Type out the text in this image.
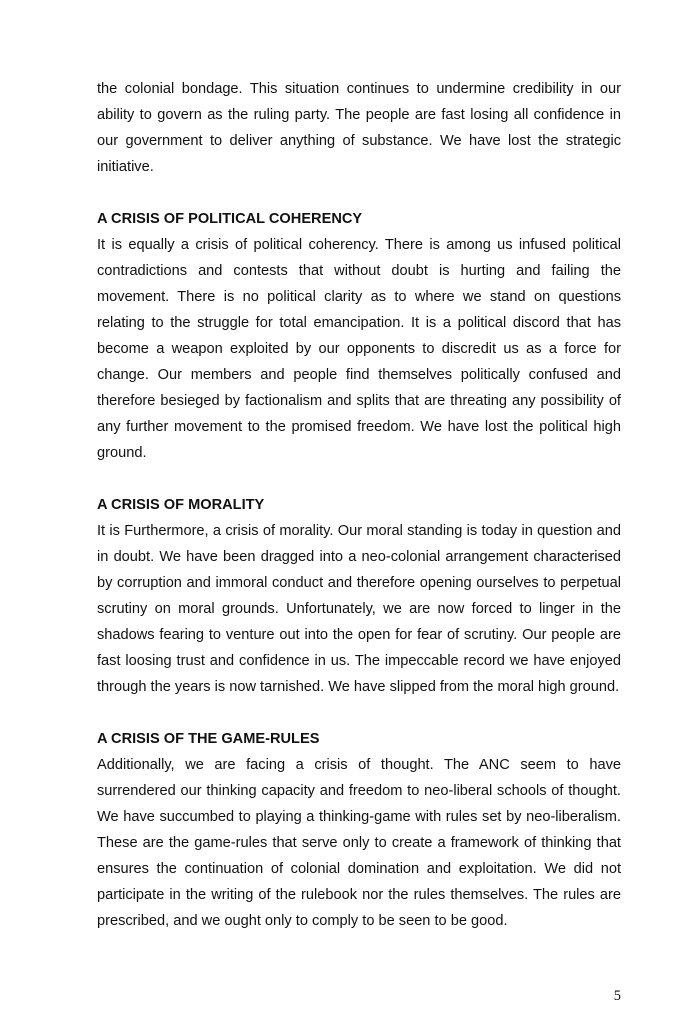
the colonial bondage. This situation continues to undermine credibility in our ability to govern as the ruling party. The people are fast losing all confidence in our government to deliver anything of substance. We have lost the strategic initiative.

A CRISIS OF POLITICAL COHERENCY

It is equally a crisis of political coherency. There is among us infused political contradictions and contests that without doubt is hurting and failing the movement. There is no political clarity as to where we stand on questions relating to the struggle for total emancipation. It is a political discord that has become a weapon exploited by our opponents to discredit us as a force for change. Our members and people find themselves politically confused and therefore besieged by factionalism and splits that are threating any possibility of any further movement to the promised freedom. We have lost the political high ground.

A CRISIS OF MORALITY

It is Furthermore, a crisis of morality. Our moral standing is today in question and in doubt. We have been dragged into a neo-colonial arrangement characterised by corruption and immoral conduct and therefore opening ourselves to perpetual scrutiny on moral grounds. Unfortunately, we are now forced to linger in the shadows fearing to venture out into the open for fear of scrutiny. Our people are fast loosing trust and confidence in us. The impeccable record we have enjoyed through the years is now tarnished. We have slipped from the moral high ground.

A CRISIS OF THE GAME-RULES

Additionally, we are facing a crisis of thought. The ANC seem to have surrendered our thinking capacity and freedom to neo-liberal schools of thought. We have succumbed to playing a thinking-game with rules set by neo-liberalism. These are the game-rules that serve only to create a framework of thinking that ensures the continuation of colonial domination and exploitation. We did not participate in the writing of the rulebook nor the rules themselves. The rules are prescribed, and we ought only to comply to be seen to be good.

5
